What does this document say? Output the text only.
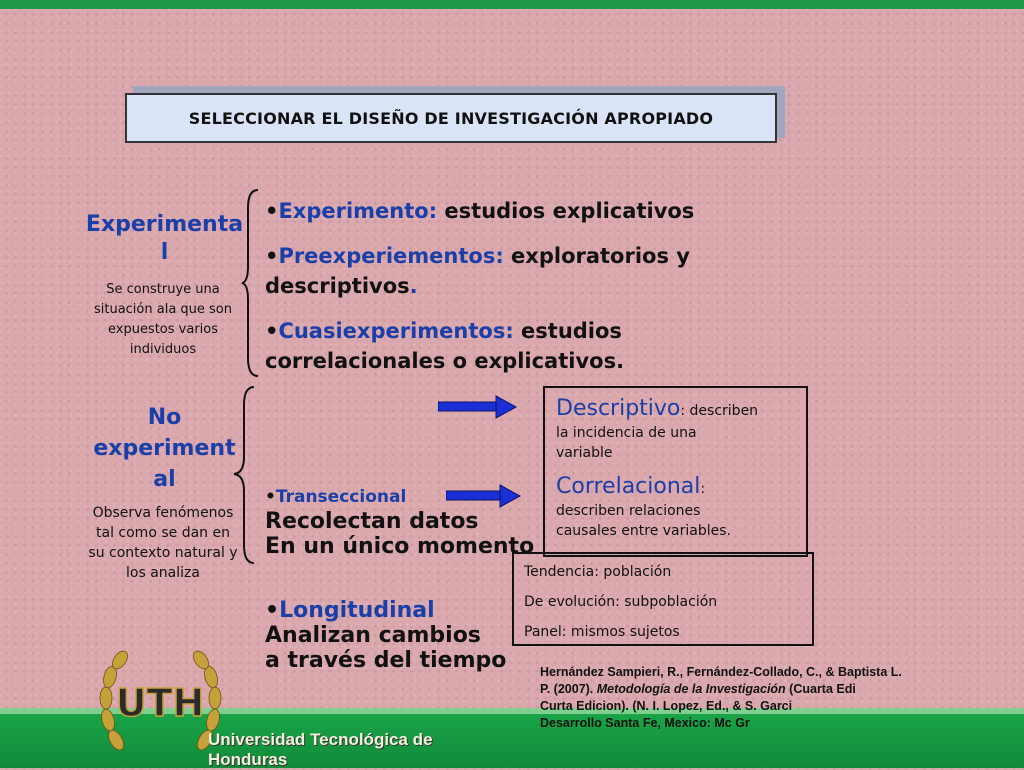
SELECCIONAR EL DISEÑO DE INVESTIGACIÓN APROPIADO
Experimenta
l
Se construye una situación ala que son expuestos varios individuos
•Experimento: estudios explicativos
•Preexperiementos: exploratorios y
descriptivos.
•Cuasiexperimentos: estudios
correlacionales o explicativos.
No
experiment
al
Observa fenómenos tal como se dan en su contexto natural y los analiza
•Transeccional
Recolectan datos
En un único momento
Descriptivo: describen
la incidencia de una
variable
Correlacional:
describen relaciones
causales entre variables.
Tendencia: población
De evolución: subpoblación
Panel: mismos sujetos
•Longitudinal
Analizan cambios
a través del tiempo
UTH
Universidad Tecnológica de Honduras
Hernández Sampieri, R., Fernández-Collado, C., & Baptista L.
P. (2007). Metodología de la Investigación (Cuarta Edi
Curta Edicion). (N. I. Lopez, Ed., & S. Garci
Desarrollo Santa Fe, Mexico: Mc Gr
